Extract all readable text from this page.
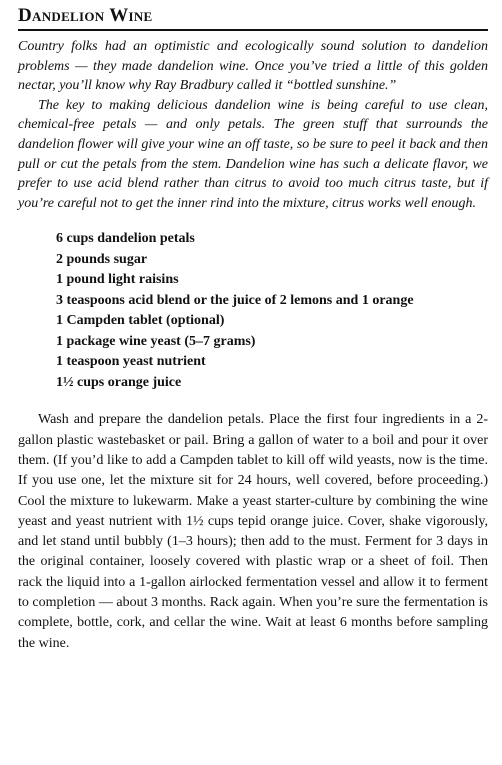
Dandelion Wine

Country folks had an optimistic and ecologically sound solution to dandelion problems — they made dandelion wine. Once you’ve tried a little of this golden nectar, you’ll know why Ray Bradbury called it “bottled sunshine.”

The key to making delicious dandelion wine is being careful to use clean, chemical-free petals — and only petals. The green stuff that surrounds the dandelion flower will give your wine an off taste, so be sure to peel it back and then pull or cut the petals from the stem. Dandelion wine has such a delicate flavor, we prefer to use acid blend rather than citrus to avoid too much citrus taste, but if you’re careful not to get the inner rind into the mixture, citrus works well enough.

6 cups dandelion petals
2 pounds sugar
1 pound light raisins
3 teaspoons acid blend or the juice of 2 lemons and 1 orange
1 Campden tablet (optional)
1 package wine yeast (5–7 grams)
1 teaspoon yeast nutrient
1½ cups orange juice

Wash and prepare the dandelion petals. Place the first four ingredients in a 2-gallon plastic wastebasket or pail. Bring a gallon of water to a boil and pour it over them. (If you’d like to add a Campden tablet to kill off wild yeasts, now is the time. If you use one, let the mixture sit for 24 hours, well covered, before proceeding.) Cool the mixture to lukewarm. Make a yeast starter-culture by combining the wine yeast and yeast nutrient with 1½ cups tepid orange juice. Cover, shake vigorously, and let stand until bubbly (1–3 hours); then add to the must. Ferment for 3 days in the original container, loosely covered with plastic wrap or a sheet of foil. Then rack the liquid into a 1-gallon airlocked fermentation vessel and allow it to ferment to completion — about 3 months. Rack again. When you’re sure the fermentation is complete, bottle, cork, and cellar the wine. Wait at least 6 months before sampling the wine.
